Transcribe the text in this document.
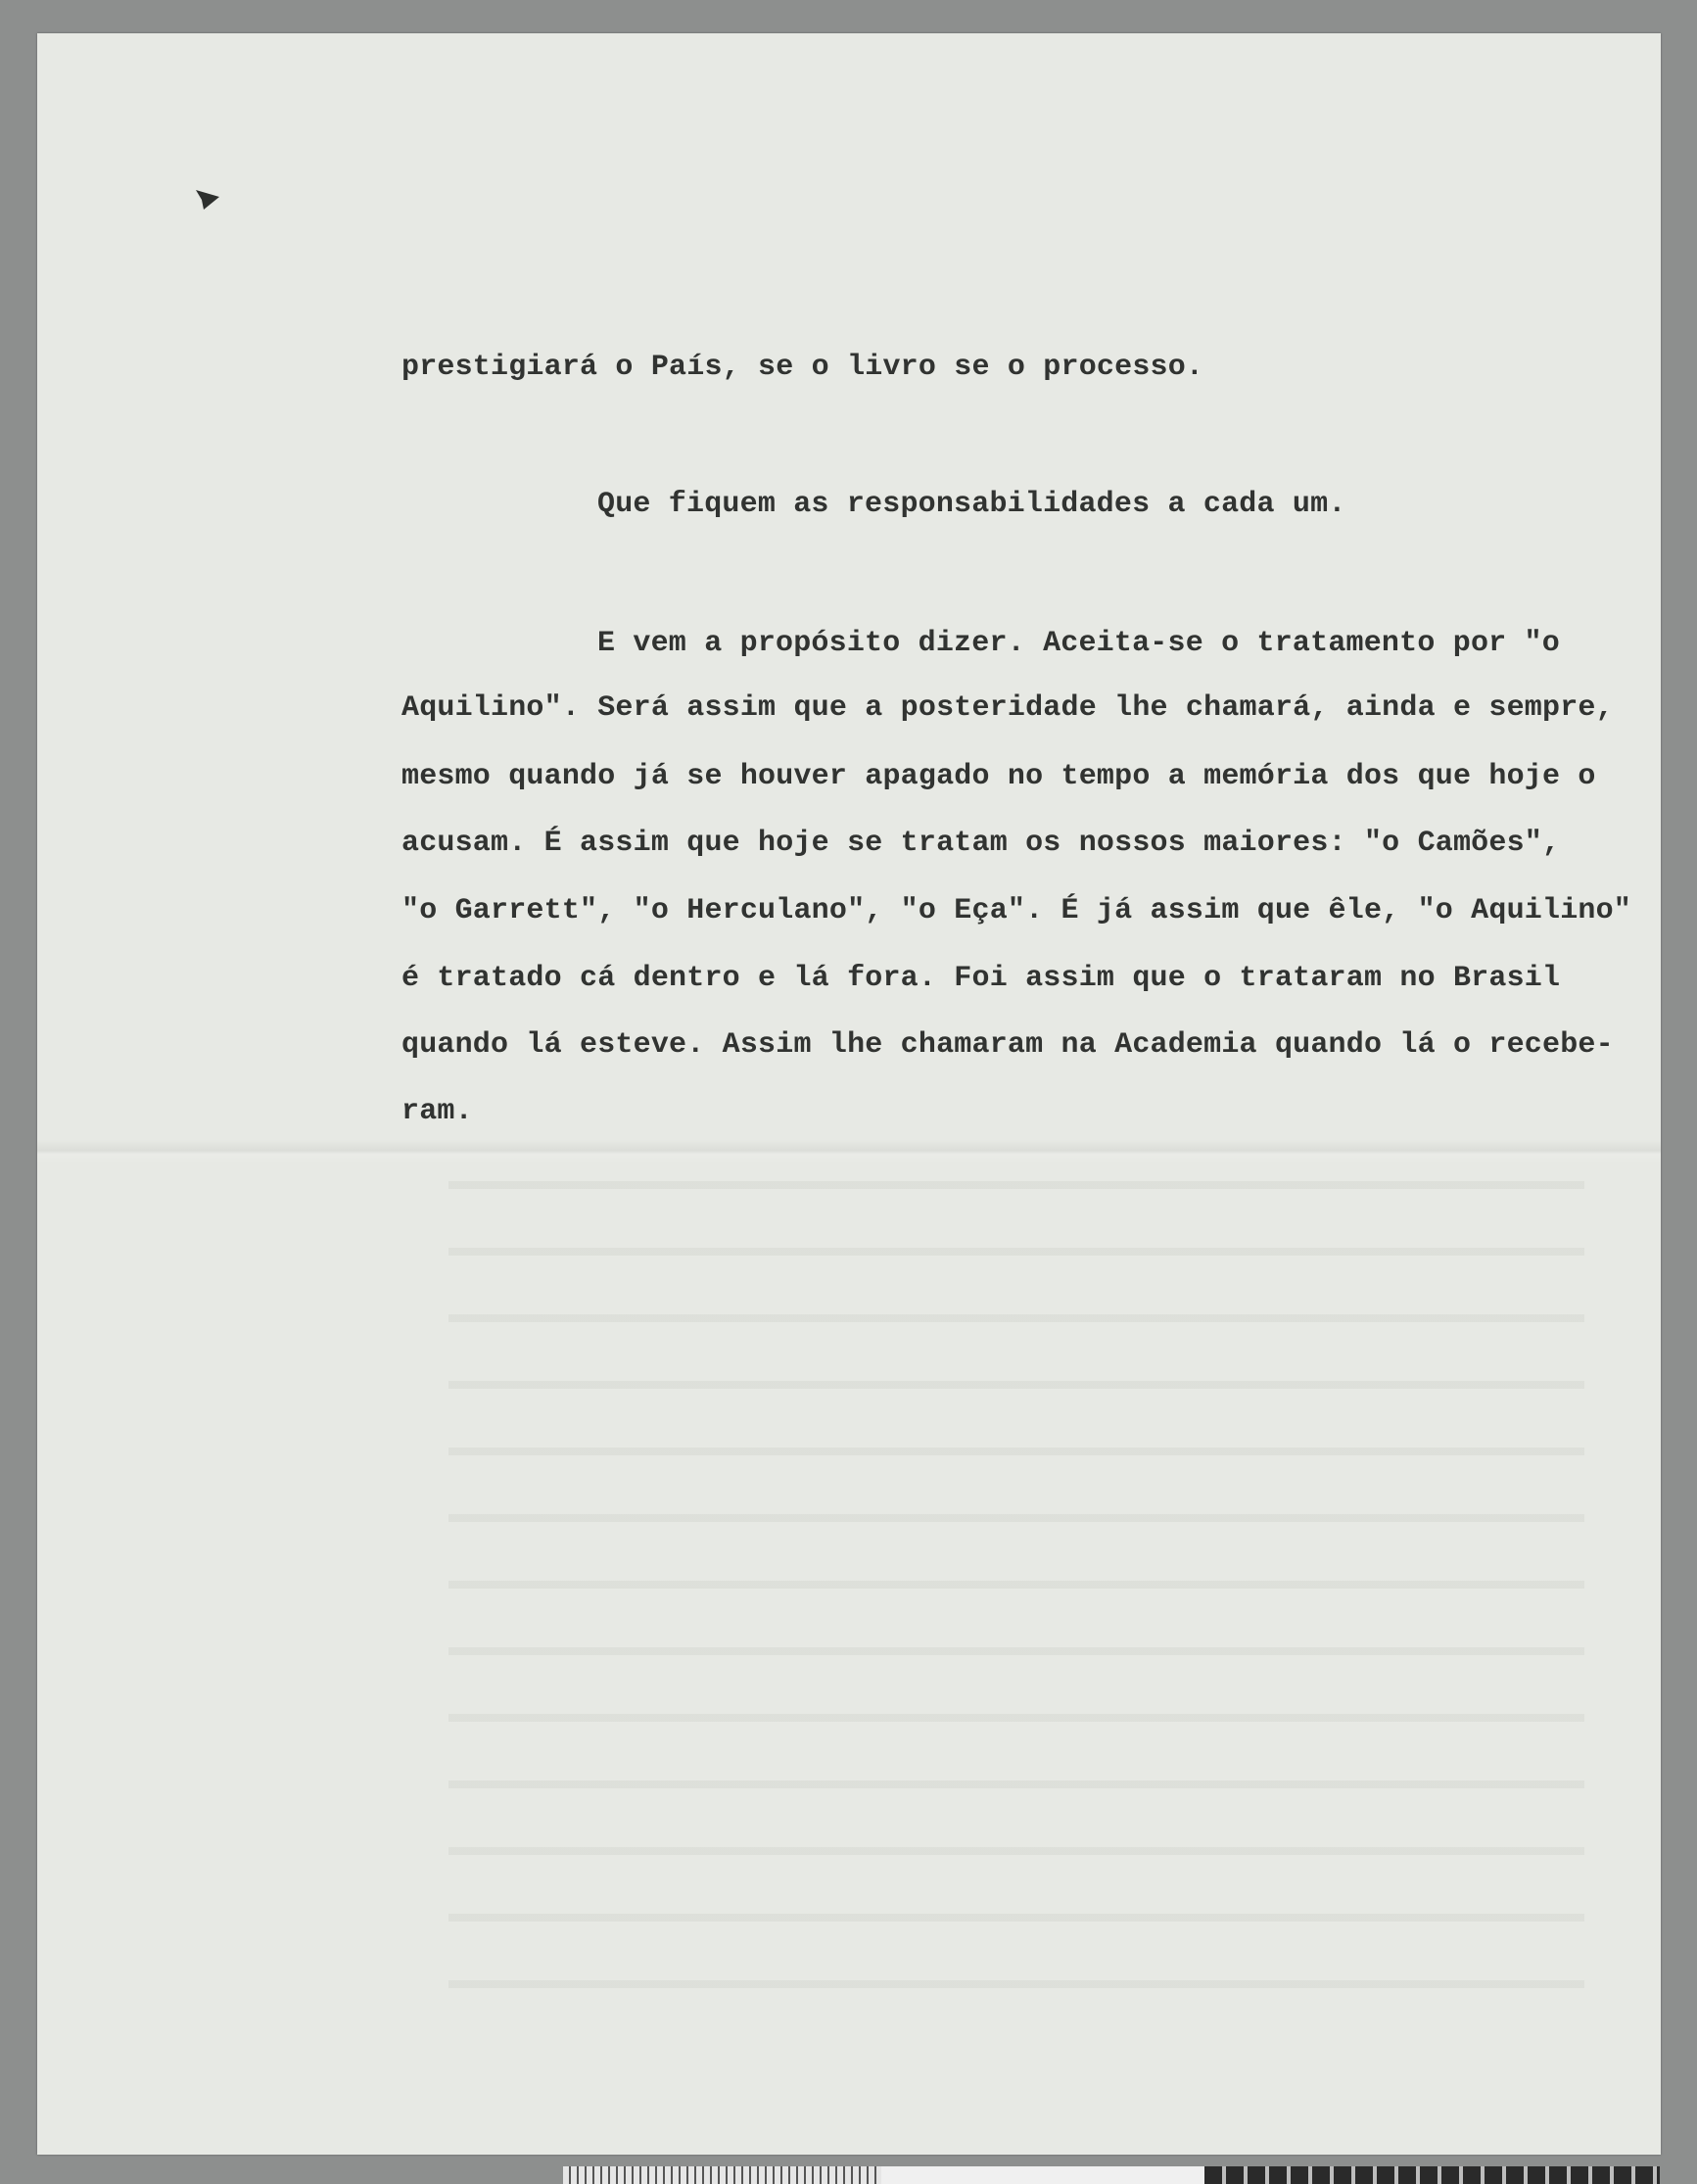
prestigiará o País, se o livro se o processo.

Que fiquem as responsabilidades a cada um.

E vem a propósito dizer. Aceita-se o tratamento por "o

Aquilino". Será assim que a posteridade lhe chamará, ainda e sempre,

mesmo quando já se houver apagado no tempo a memória dos que hoje o

acusam. É assim que hoje se tratam os nossos maiores: "o Camões",

"o Garrett", "o Herculano", "o Eça". É já assim que êle, "o Aquilino"

é tratado cá dentro e lá fora. Foi assim que o trataram no Brasil

quando lá esteve. Assim lhe chamaram na Academia quando lá o recebe-

ram.
